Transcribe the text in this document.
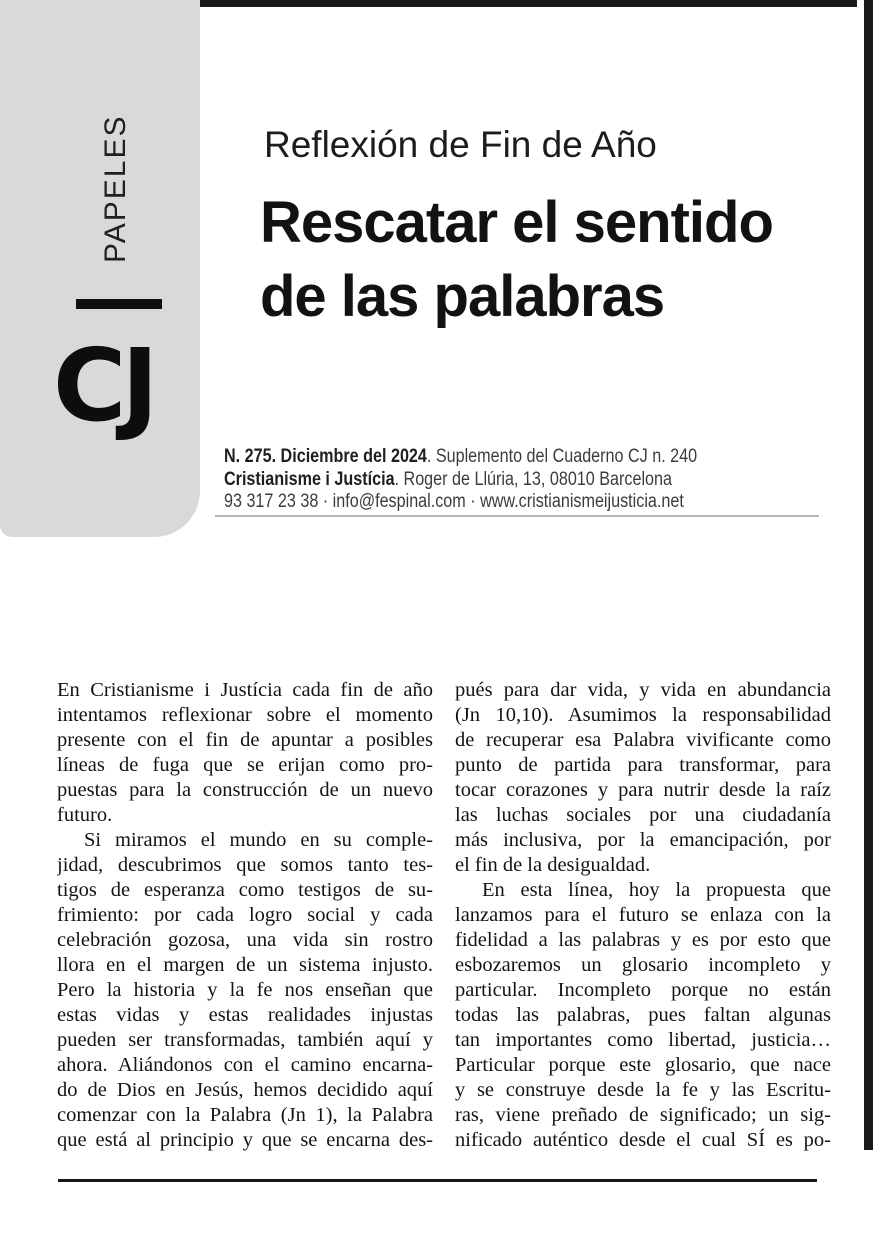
PAPELES
CJ
Reflexión de Fin de Año
Rescatar el sentido
de las palabras
N. 275. Diciembre del 2024. Suplemento del Cuaderno CJ n. 240
Cristianisme i Justícia. Roger de Llúria, 13, 08010 Barcelona
93 317 23 38 · info@fespinal.com · www.cristianismeijusticia.net
En Cristianisme i Justícia cada fin de año
intentamos reflexionar sobre el momento
presente con el fin de apuntar a posibles
líneas de fuga que se erijan como pro-
puestas para la construcción de un nuevo
futuro.
Si miramos el mundo en su comple-
jidad, descubrimos que somos tanto tes-
tigos de esperanza como testigos de su-
frimiento: por cada logro social y cada
celebración gozosa, una vida sin rostro
llora en el margen de un sistema injusto.
Pero la historia y la fe nos enseñan que
estas vidas y estas realidades injustas
pueden ser transformadas, también aquí y
ahora. Aliándonos con el camino encarna-
do de Dios en Jesús, hemos decidido aquí
comenzar con la Palabra (Jn 1), la Palabra
que está al principio y que se encarna des-
pués para dar vida, y vida en abundancia
(Jn 10,10). Asumimos la responsabilidad
de recuperar esa Palabra vivificante como
punto de partida para transformar, para
tocar corazones y para nutrir desde la raíz
las luchas sociales por una ciudadanía
más inclusiva, por la emancipación, por
el fin de la desigualdad.
En esta línea, hoy la propuesta que
lanzamos para el futuro se enlaza con la
fidelidad a las palabras y es por esto que
esbozaremos un glosario incompleto y
particular. Incompleto porque no están
todas las palabras, pues faltan algunas
tan importantes como libertad, justicia…
Particular porque este glosario, que nace
y se construye desde la fe y las Escritu-
ras, viene preñado de significado; un sig-
nificado auténtico desde el cual SÍ es po-
